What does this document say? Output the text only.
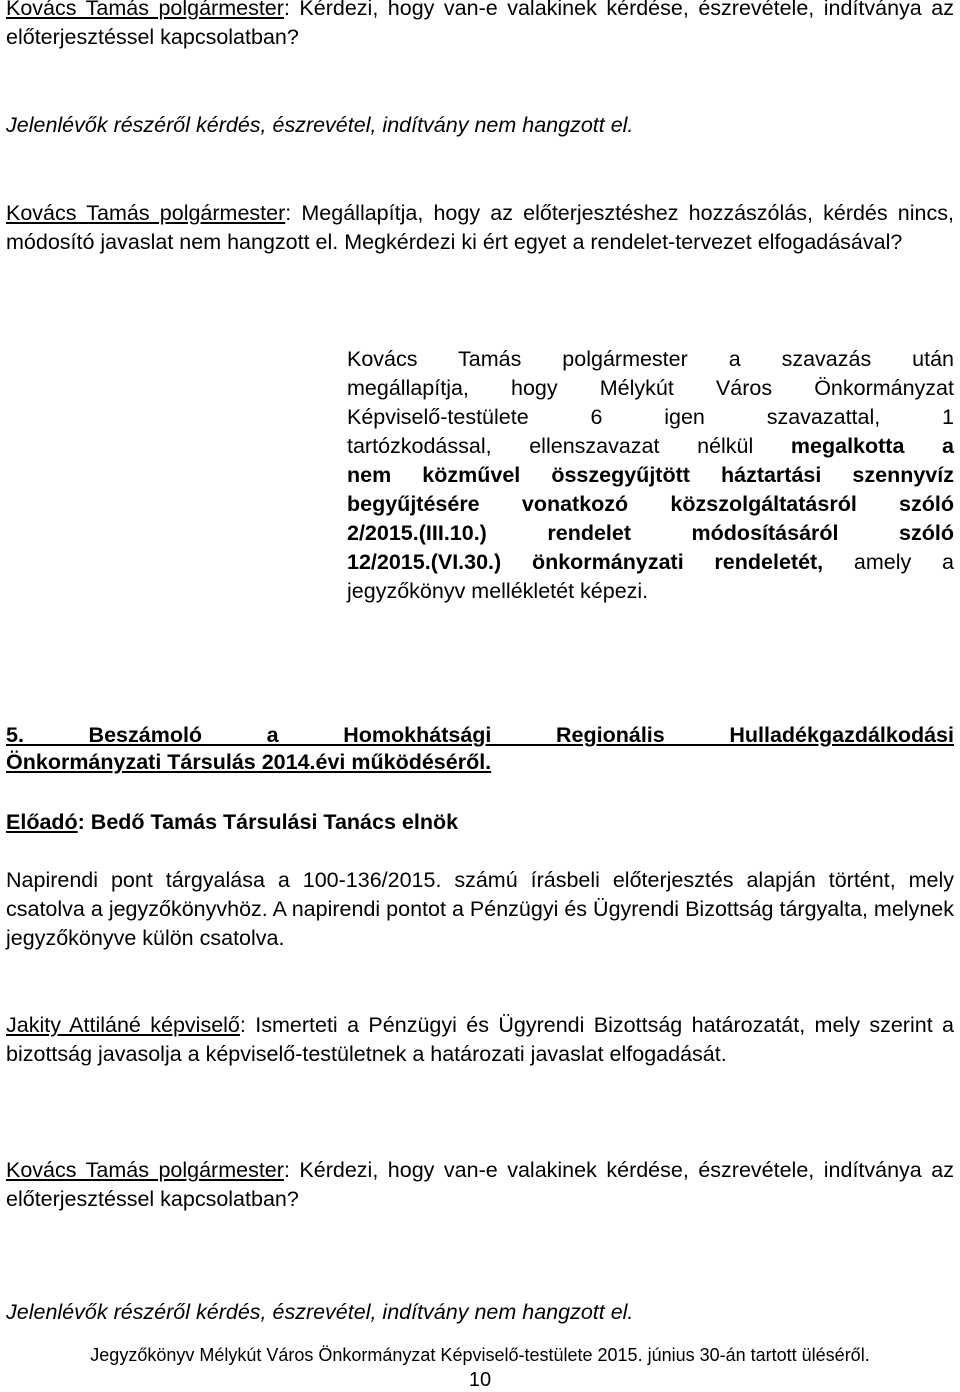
Kovács Tamás polgármester: Kérdezi, hogy van-e valakinek kérdése, észrevétele, indítványa az előterjesztéssel kapcsolatban?

Jelenlévők részéről kérdés, észrevétel, indítvány nem hangzott el.

Kovács Tamás polgármester: Megállapítja, hogy az előterjesztéshez hozzászólás, kérdés nincs, módosító javaslat nem hangzott el. Megkérdezi ki ért egyet a rendelet-tervezet elfogadásával?

Kovács Tamás polgármester a szavazás után
megállapítja, hogy Mélykút Város Önkormányzat
Képviselő-testülete 6 igen szavazattal, 1
tartózkodással, ellenszavazat nélkül megalkotta a
nem közművel összegyűjtött háztartási szennyvíz
begyűjtésére vonatkozó közszolgáltatásról szóló
2/2015.(III.10.) rendelet módosításáról szóló
12/2015.(VI.30.) önkormányzati rendeletét, amely a
jegyzőkönyv mellékletét képezi.
5. Beszámoló a Homokhátsági Regionális Hulladékgazdálkodási
Önkormányzati Társulás 2014.évi működéséről.

Előadó: Bedő Tamás Társulási Tanács elnök

Napirendi pont tárgyalása a 100-136/2015. számú írásbeli előterjesztés alapján történt, mely csatolva a jegyzőkönyvhöz. A napirendi pontot a Pénzügyi és Ügyrendi Bizottság tárgyalta, melynek jegyzőkönyve külön csatolva.

Jakity Attiláné képviselő: Ismerteti a Pénzügyi és Ügyrendi Bizottság határozatát, mely szerint a bizottság javasolja a képviselő-testületnek a határozati javaslat elfogadását.

Kovács Tamás polgármester: Kérdezi, hogy van-e valakinek kérdése, észrevétele, indítványa az előterjesztéssel kapcsolatban?

Jelenlévők részéről kérdés, észrevétel, indítvány nem hangzott el.

Jegyzőkönyv Mélykút Város Önkormányzat Képviselő-testülete 2015. június 30-án tartott üléséről.
10
